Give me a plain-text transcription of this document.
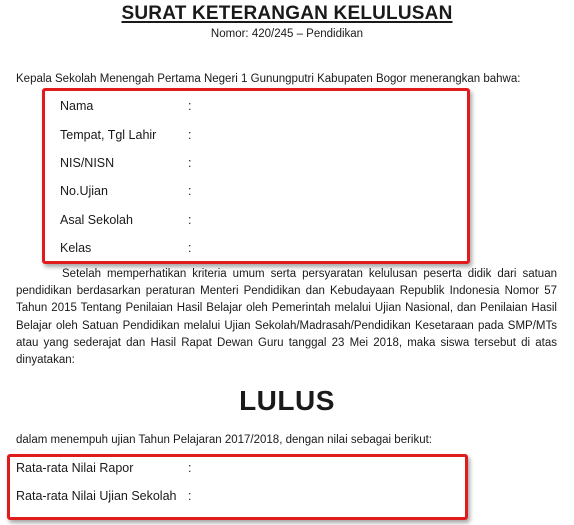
SURAT KETERANGAN KELULUSAN
Nomor: 420/245 – Pendidikan
Kepala Sekolah Menengah Pertama Negeri 1 Gunungputri Kabupaten Bogor menerangkan bahwa:
Nama	:
Tempat, Tgl Lahir	:
NIS/NISN	:
No.Ujian	:
Asal Sekolah	:
Kelas	:
Setelah memperhatikan kriteria umum serta persyaratan kelulusan peserta didik dari satuan pendidikan berdasarkan peraturan Menteri Pendidikan dan Kebudayaan Republik Indonesia Nomor 57 Tahun 2015 Tentang Penilaian Hasil Belajar oleh Pemerintah melalui Ujian Nasional, dan Penilaian Hasil Belajar oleh Satuan Pendidikan melalui Ujian Sekolah/Madrasah/Pendidikan Kesetaraan pada SMP/MTs atau yang sederajat dan Hasil Rapat Dewan Guru tanggal 23 Mei 2018, maka siswa tersebut di atas dinyatakan:
LULUS
dalam menempuh ujian Tahun Pelajaran 2017/2018, dengan nilai sebagai berikut:
Rata-rata Nilai Rapor	:
Rata-rata Nilai Ujian Sekolah :
